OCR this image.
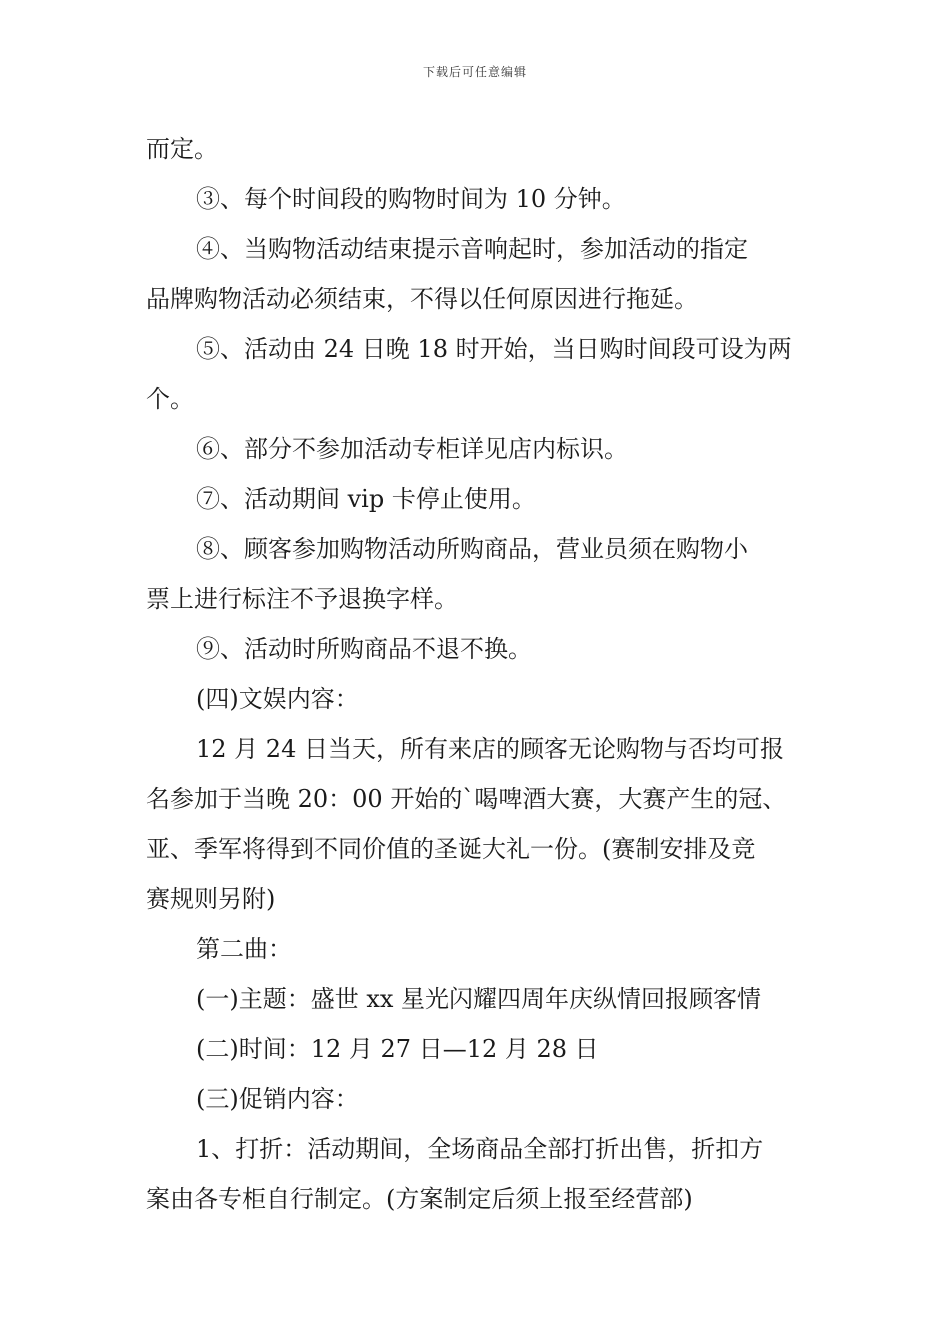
下载后可任意编辑
而定。
③、每个时间段的购物时间为 10 分钟。
④、当购物活动结束提示音响起时，参加活动的指定
品牌购物活动必须结束，不得以任何原因进行拖延。
⑤、活动由 24 日晚 18 时开始，当日购时间段可设为两
个。
⑥、部分不参加活动专柜详见店内标识。
⑦、活动期间 vip 卡停止使用。
⑧、顾客参加购物活动所购商品，营业员须在购物小
票上进行标注不予退换字样。
⑨、活动时所购商品不退不换。
(四)文娱内容：
12 月 24 日当天，所有来店的顾客无论购物与否均可报
名参加于当晚 20：00 开始的`喝啤酒大赛，大赛产生的冠、
亚、季军将得到不同价值的圣诞大礼一份。(赛制安排及竞
赛规则另附)
第二曲：
(一)主题：盛世 xx 星光闪耀四周年庆纵情回报顾客情
(二)时间：12 月 27 日—12 月 28 日
(三)促销内容：
1、打折：活动期间，全场商品全部打折出售，折扣方
案由各专柜自行制定。(方案制定后须上报至经营部)
